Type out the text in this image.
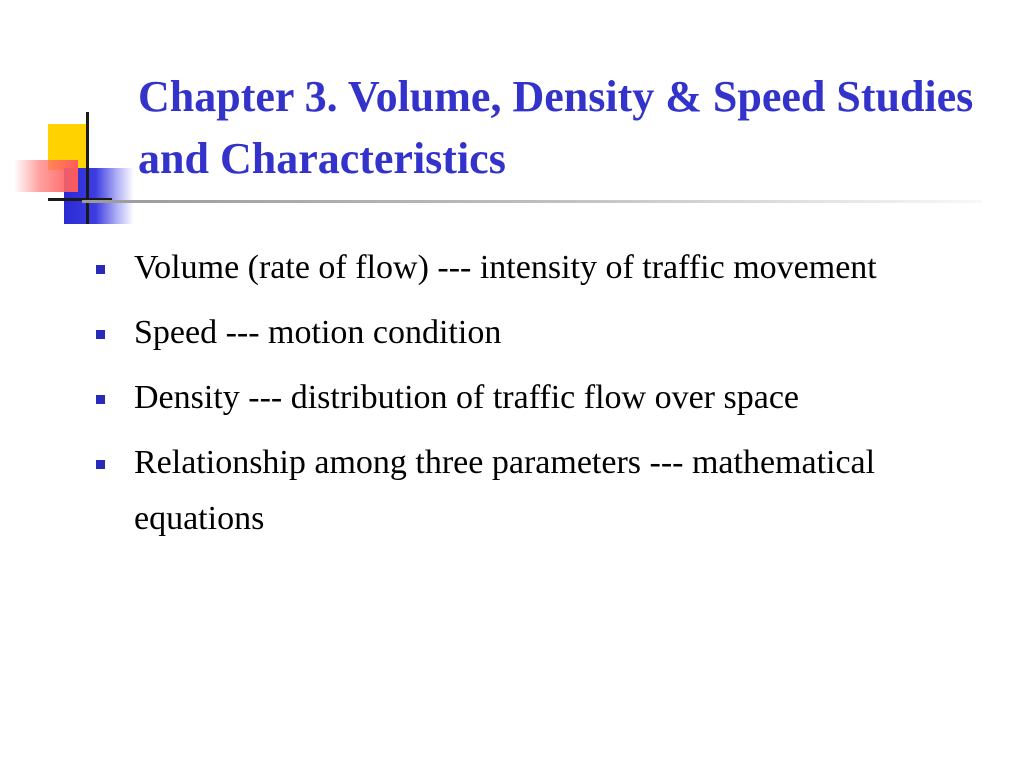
Chapter 3. Volume, Density & Speed Studies and Characteristics
Volume (rate of flow) --- intensity of traffic movement
Speed --- motion condition
Density --- distribution of traffic flow over space
Relationship among three parameters --- mathematical equations
